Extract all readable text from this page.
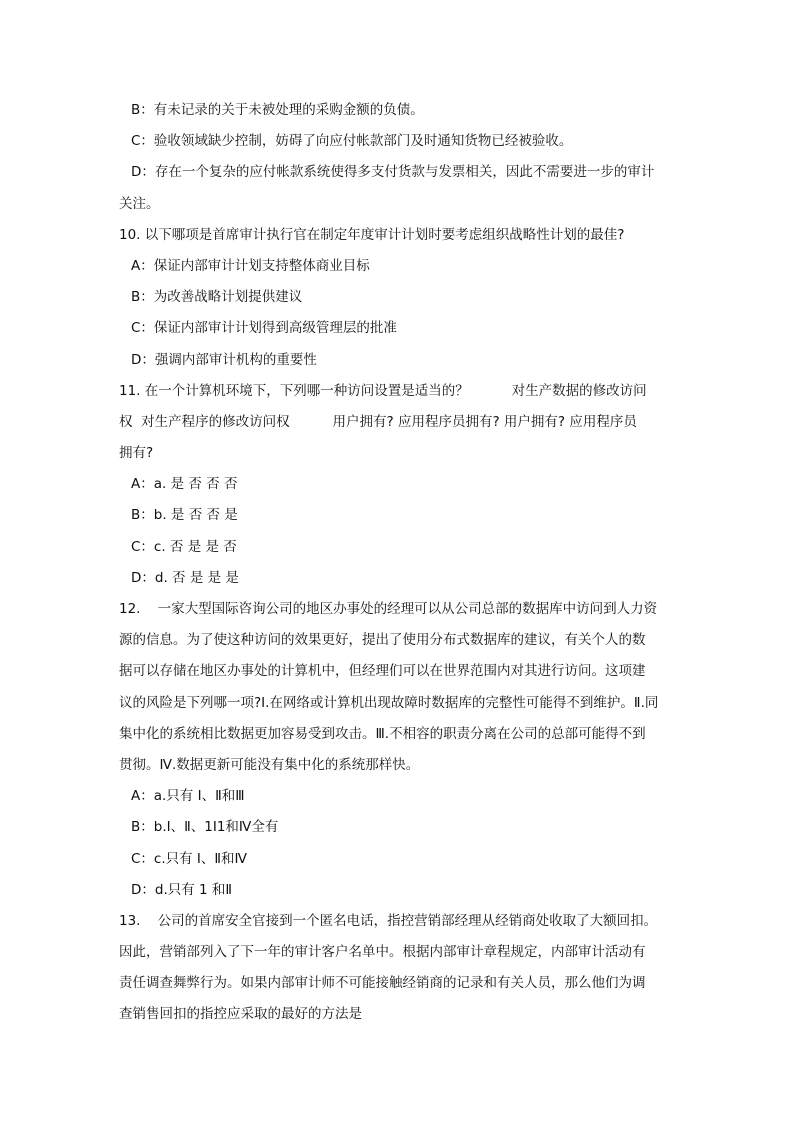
B：有未记录的关于未被处理的采购金额的负债。
C：验收领域缺少控制，妨碍了向应付帐款部门及时通知货物已经被验收。
D：存在一个复杂的应付帐款系统使得多支付货款与发票相关，因此不需要进一步的审计
关注。
10. 以下哪项是首席审计执行官在制定年度审计计划时要考虑组织战略性计划的最佳?
A：保证内部审计计划支持整体商业目标
B：为改善战略计划提供建议
C：保证内部审计计划得到高级管理层的批准
D：强调内部审计机构的重要性
11. 在一个计算机环境下，下列哪一种访问设置是适当的？          对生产数据的修改访问
权  对生产程序的修改访问权          用户拥有? 应用程序员拥有? 用户拥有? 应用程序员
拥有?
A：a. 是 否 否 否
B：b. 是 否 否 是
C：c. 否 是 是 否
D：d. 否 是 是 是
12.    一家大型国际咨询公司的地区办事处的经理可以从公司总部的数据库中访问到人力资
源的信息。为了使这种访问的效果更好，提出了使用分布式数据库的建议，有关个人的数
据可以存储在地区办事处的计算机中，但经理们可以在世界范围内对其进行访问。这项建
议的风险是下列哪一项?I.在网络或计算机出现故障时数据库的完整性可能得不到维护。Ⅱ.同
集中化的系统相比数据更加容易受到攻击。Ⅲ.不相容的职责分离在公司的总部可能得不到
贯彻。Ⅳ.数据更新可能没有集中化的系统那样快。
A：a.只有 I、Ⅱ和Ⅲ
B：b.I、Ⅱ、1I1和Ⅳ全有
C：c.只有 I、Ⅱ和Ⅳ
D：d.只有 1 和Ⅱ
13.    公司的首席安全官接到一个匿名电话，指控营销部经理从经销商处收取了大额回扣。
因此，营销部列入了下一年的审计客户名单中。根据内部审计章程规定，内部审计活动有
责任调查舞弊行为。如果内部审计师不可能接触经销商的记录和有关人员，那么他们为调
查销售回扣的指控应采取的最好的方法是
